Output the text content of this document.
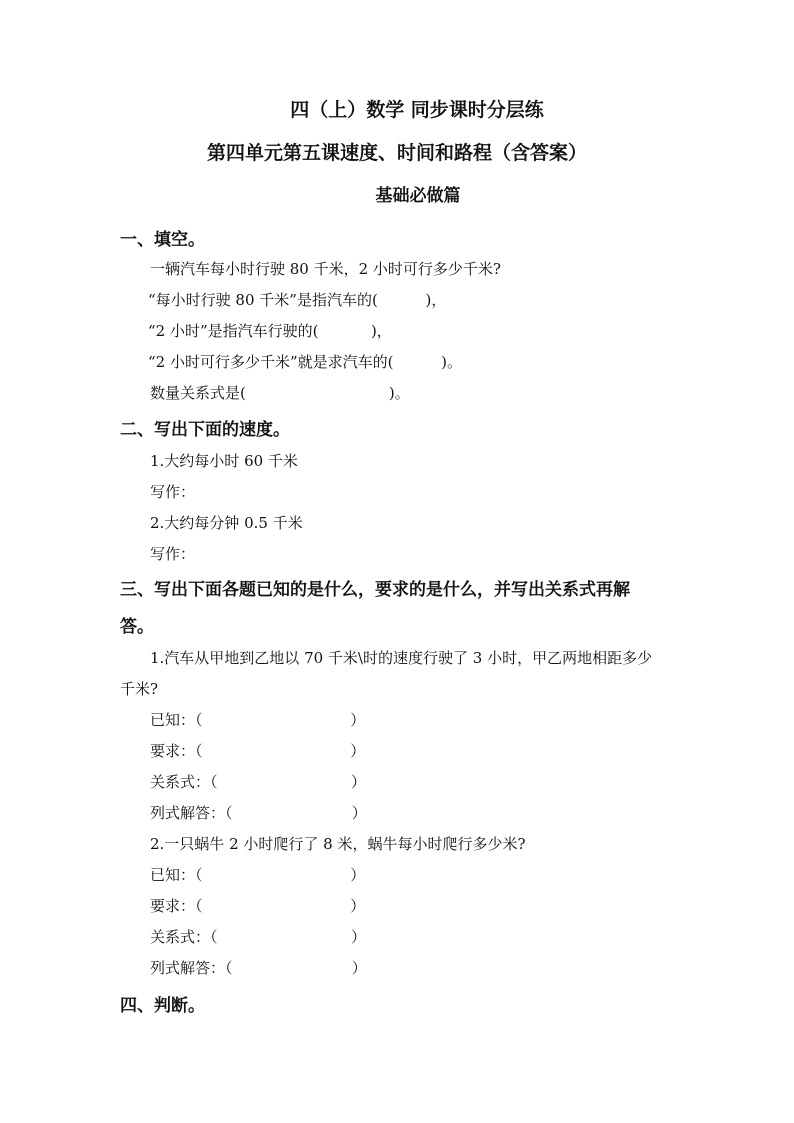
四（上）数学 同步课时分层练
第四单元第五课速度、时间和路程（含答案）
基础必做篇
一、填空。
一辆汽车每小时行驶 80 千米，2 小时可行多少千米?
“每小时行驶 80 千米”是指汽车的(          )，
“2 小时”是指汽车行驶的(           )，
“2 小时可行多少千米”就是求汽车的(          )。
数量关系式是(                              )。
二、写出下面的速度。
1.大约每小时 60 千米
写作：
2.大约每分钟 0.5 千米
写作：
三、写出下面各题已知的是什么，要求的是什么，并写出关系式再解
答。
1.汽车从甲地到乙地以 70 千米\时的速度行驶了 3 小时，甲乙两地相距多少
千米?
已知：（                               ）
要求：（                               ）
关系式：（                            ）
列式解答：（                         ）
2.一只蜗牛 2 小时爬行了 8 米，蜗牛每小时爬行多少米?
已知：（                               ）
要求：（                               ）
关系式：（                            ）
列式解答：（                         ）
四、判断。
